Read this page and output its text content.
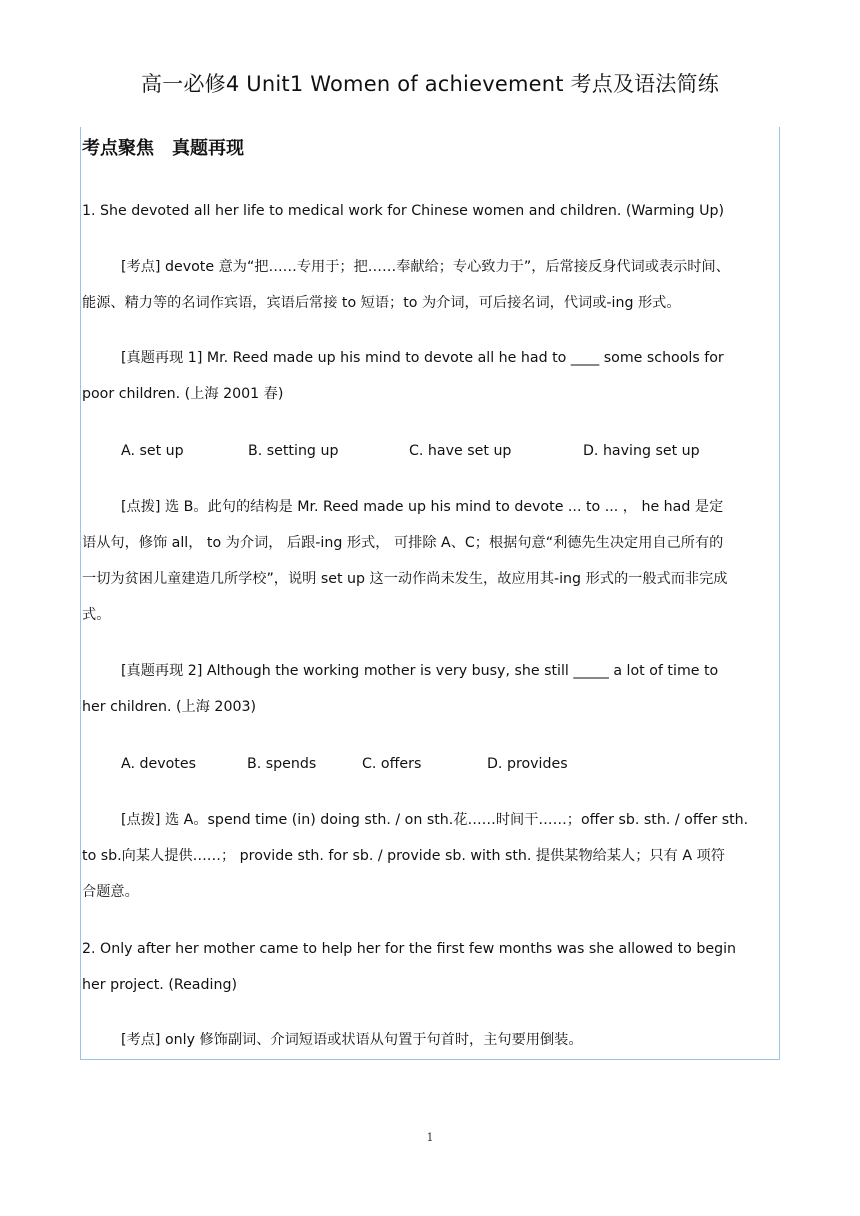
高一必修4 Unit1 Women of achievement 考点及语法简练
考点聚焦　真题再现
1. She devoted all her life to medical work for Chinese women and children. (Warming Up)
[考点] devote 意为“把……专用于；把……奉献给；专心致力于”，后常接反身代词或表示时间、
能源、精力等的名词作宾语，宾语后常接 to 短语；to 为介词，可后接名词，代词或-ing 形式。
[真题再现 1] Mr. Reed made up his mind to devote all he had to ____ some schools for
poor children. (上海 2001 春)
A. set up	B. setting up	C. have set up	D. having set up
[点拨] 选 B。此句的结构是 Mr. Reed made up his mind to devote ... to ... ， he had 是定
语从句，修饰 all， to 为介词， 后跟-ing 形式， 可排除 A、C；根据句意“利德先生决定用自己所有的
一切为贫困儿童建造几所学校”，说明 set up 这一动作尚未发生，故应用其-ing 形式的一般式而非完成
式。
[真题再现 2] Although the working mother is very busy, she still _____ a lot of time to
her children. (上海 2003)
A. devotes	B. spends	C. offers	D. provides
[点拨] 选 A。spend time (in) doing sth. / on sth.花……时间干……；offer sb. sth. / offer sth.
to sb.向某人提供……； provide sth. for sb. / provide sb. with sth. 提供某物给某人；只有 A 项符
合题意。
2. Only after her mother came to help her for the first few months was she allowed to begin
her project. (Reading)
[考点] only 修饰副词、介词短语或状语从句置于句首时，主句要用倒装。
1
